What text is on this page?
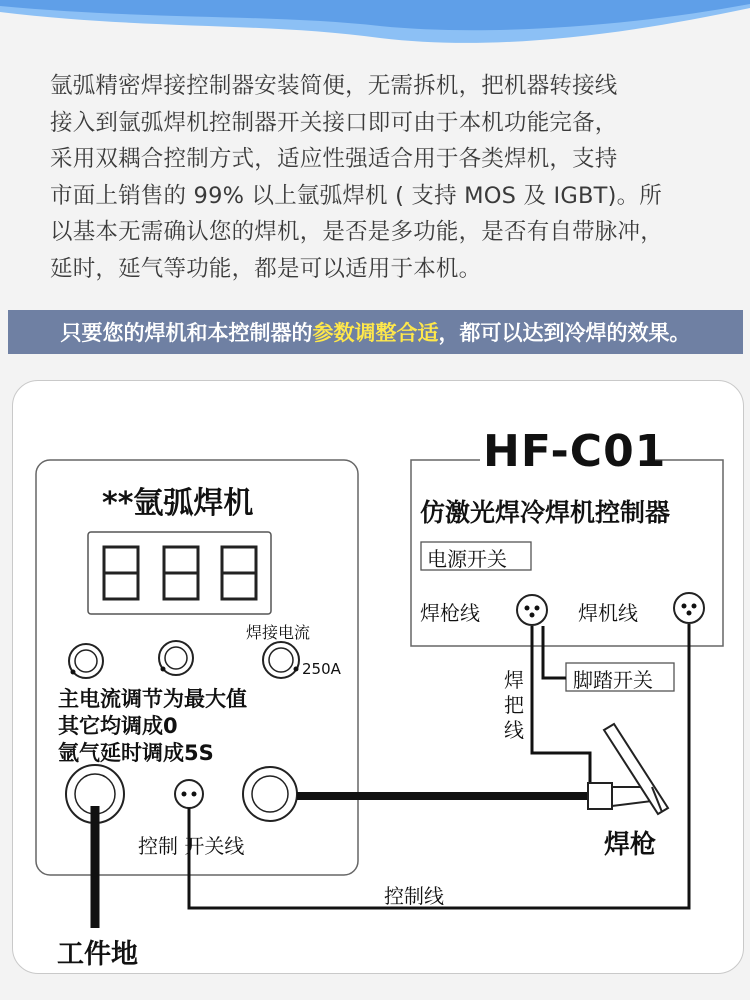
氩弧精密焊接控制器安装简便，无需拆机，把机器转接线

接入到氩弧焊机控制器开关接口即可由于本机功能完备，

采用双耦合控制方式，适应性强适合用于各类焊机，支持

市面上销售的 99% 以上氩弧焊机 ( 支持 MOS 及 IGBT)。所

以基本无需确认您的焊机，是否是多功能，是否有自带脉冲，

延时，延气等功能，都是可以适用于本机。

只要您的焊机和本控制器的 参数调整合适 ，都可以达到冷焊的效果。
**氩弧焊机
焊接电流
250A
主电流调节为最大值
其它均调成0
氩气延时调成5S
控制 开关线
HF-C01
仿激光焊冷焊机控制器
电源开关
焊枪线	焊机线
焊把线
脚踏开关
焊枪
控制线
工件地
